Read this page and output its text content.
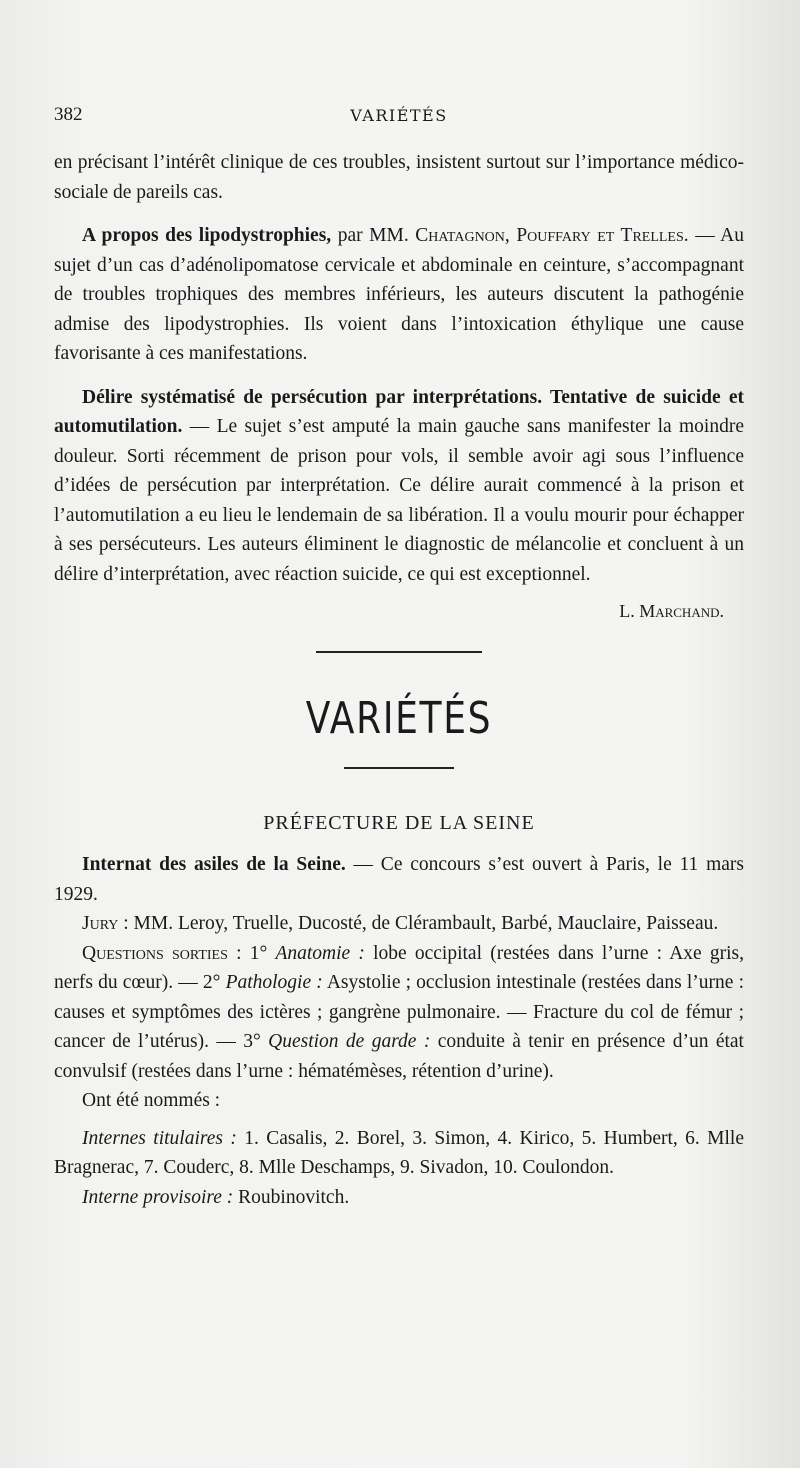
382	VARIÉTÉS

en précisant l’intérêt clinique de ces troubles, insistent surtout sur l’importance médico-sociale de pareils cas.

A propos des lipodystrophies, par MM. Chatagnon, Pouffary et Trelles. — Au sujet d’un cas d’adénolipomatose cervicale et abdominale en ceinture, s’accompagnant de troubles trophiques des membres inférieurs, les auteurs discutent la pathogénie admise des lipodystrophies. Ils voient dans l’intoxication éthylique une cause favorisante à ces manifestations.

Délire systématisé de persécution par interprétations. Tentative de suicide et automutilation. — Le sujet s’est amputé la main gauche sans manifester la moindre douleur. Sorti récemment de prison pour vols, il semble avoir agi sous l’influence d’idées de persécution par interprétation. Ce délire aurait commencé à la prison et l’automutilation a eu lieu le lendemain de sa libération. Il a voulu mourir pour échapper à ses persécuteurs. Les auteurs éliminent le diagnostic de mélancolie et concluent à un délire d’interprétation, avec réaction suicide, ce qui est exceptionnel.

L. Marchand.

VARIÉTÉS
PRÉFECTURE DE LA SEINE

Internat des asiles de la Seine. — Ce concours s’est ouvert à Paris, le 11 mars 1929.

Jury : MM. Leroy, Truelle, Ducosté, de Clérambault, Barbé, Mauclaire, Paisseau.

Questions sorties : 1° Anatomie : lobe occipital (restées dans l’urne : Axe gris, nerfs du cœur). — 2° Pathologie : Asystolie ; occlusion intestinale (restées dans l’urne : causes et symptômes des ictères ; gangrène pulmonaire. — Fracture du col de fémur ; cancer de l’utérus). — 3° Question de garde : conduite à tenir en présence d’un état convulsif (restées dans l’urne : hématémèses, rétention d’urine).

Ont été nommés :

Internes titulaires : 1. Casalis, 2. Borel, 3. Simon, 4. Kirico, 5. Humbert, 6. Mlle Bragnerac, 7. Couderc, 8. Mlle Deschamps, 9. Sivadon, 10. Coulondon.

Interne provisoire : Roubinovitch.
